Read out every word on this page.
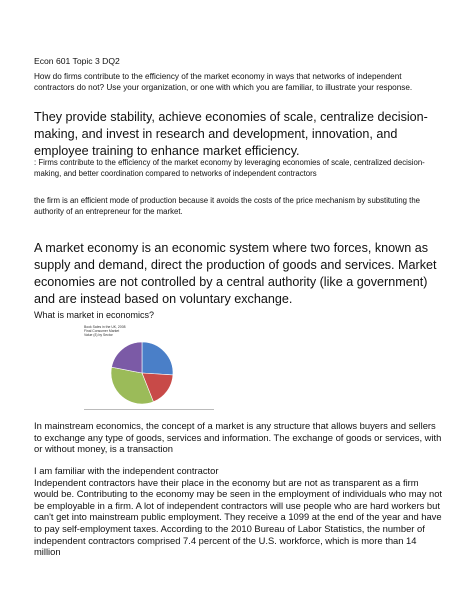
Econ 601 Topic 3 DQ2
How do firms contribute to the efficiency of the market economy in ways that networks of independent contractors do not? Use your organization, or one with which you are familiar, to illustrate your response.
They provide stability, achieve economies of scale, centralize decision-making, and invest in research and development, innovation, and employee training to enhance market efficiency.
: Firms contribute to the efficiency of the market economy by leveraging economies of scale, centralized decision-making, and better coordination compared to networks of independent contractors
the firm is an efficient mode of production because it avoids the costs of the price mechanism by substituting the authority of an entrepreneur for the market.
A market economy is an economic system where two forces, known as supply and demand, direct the production of goods and services. Market economies are not controlled by a central authority (like a government) and are instead based on voluntary exchange.
What is market in economics?
Book Sales in the UK, 2008
Final Consumer Market
Value (£) by Sector
In mainstream economics, the concept of a market is any structure that allows buyers and sellers to exchange any type of goods, services and information. The exchange of goods or services, with or without money, is a transaction
I am familiar with the independent contractor
Independent contractors have their place in the economy but are not as transparent as a firm would be. Contributing to the economy may be seen in the employment of individuals who may not be employable in a firm. A lot of independent contractors will use people who are hard workers but can't get into mainstream public employment. They receive a 1099 at the end of the year and have to pay self-employment taxes. According to the 2010 Bureau of Labor Statistics, the number of independent contractors comprised 7.4 percent of the U.S. workforce, which is more than 14 million
